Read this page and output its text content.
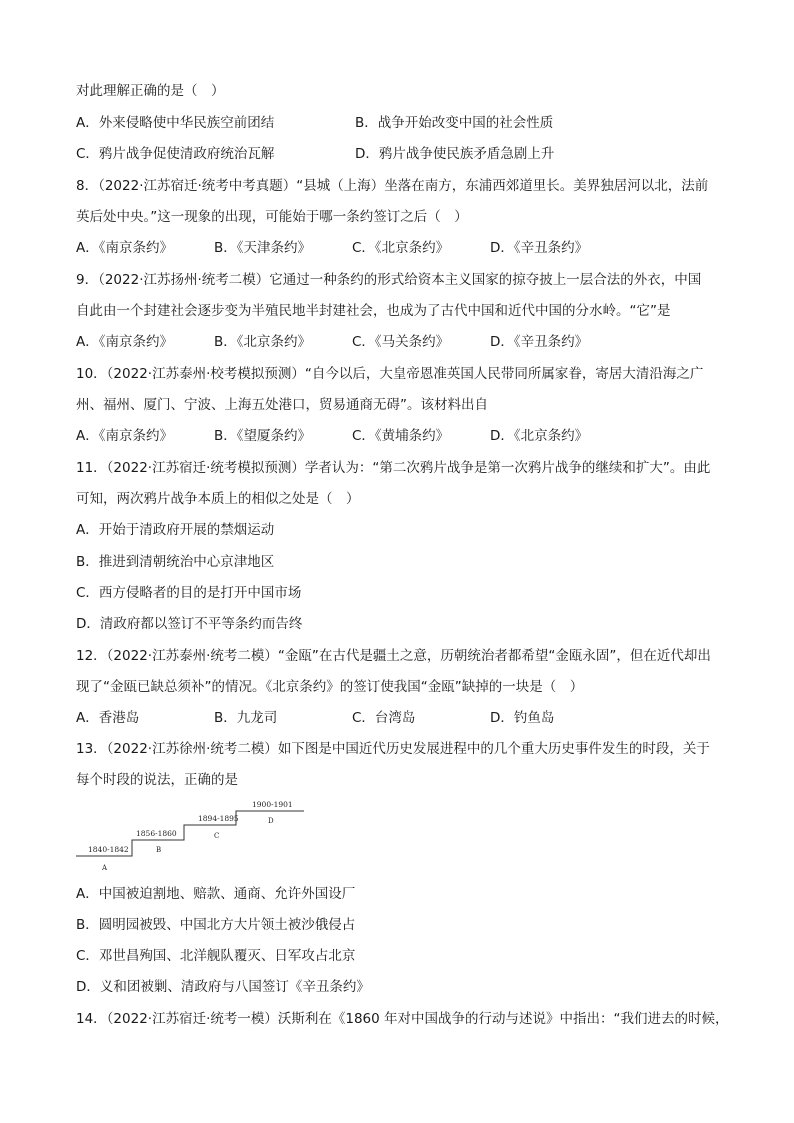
对此理解正确的是（　）
A．外来侵略使中华民族空前团结	B．战争开始改变中国的社会性质
C．鸦片战争促使清政府统治瓦解	D．鸦片战争使民族矛盾急剧上升
8．（2022·江苏宿迁·统考中考真题）“县城（上海）坐落在南方，东浦西郊道里长。美界独居河以北，法前
英后处中央。”这一现象的出现，可能始于哪一条约签订之后（　）
A．《南京条约》	B．《天津条约》	C．《北京条约》	D．《辛丑条约》
9．（2022·江苏扬州·统考二模）它通过一种条约的形式给资本主义国家的掠夺披上一层合法的外衣，中国
自此由一个封建社会逐步变为半殖民地半封建社会，也成为了古代中国和近代中国的分水岭。“它”是
A．《南京条约》	B．《北京条约》	C．《马关条约》	D．《辛丑条约》
10．（2022·江苏泰州·校考模拟预测）“自今以后，大皇帝恩准英国人民带同所属家眷，寄居大清沿海之广
州、福州、厦门、宁波、上海五处港口，贸易通商无碍”。该材料出自
A．《南京条约》	B．《望厦条约》	C．《黄埔条约》	D．《北京条约》
11．（2022·江苏宿迁·统考模拟预测）学者认为：“第二次鸦片战争是第一次鸦片战争的继续和扩大”。由此
可知，两次鸦片战争本质上的相似之处是（　）
A．开始于清政府开展的禁烟运动
B．推进到清朝统治中心京津地区
C．西方侵略者的目的是打开中国市场
D．清政府都以签订不平等条约而告终
12．（2022·江苏泰州·统考二模）“金瓯”在古代是疆土之意，历朝统治者都希望“金瓯永固”，但在近代却出
现了“金瓯已缺总须补”的情况。《北京条约》的签订使我国“金瓯”缺掉的一块是（　）
A．香港岛	B．九龙司	C．台湾岛	D．钓鱼岛
13．（2022·江苏徐州·统考二模）如下图是中国近代历史发展进程中的几个重大历史事件发生的时段，关于
每个时段的说法，正确的是
1840-1842
A
1856-1860
B
1894-1895
C
1900-1901
D
A．中国被迫割地、赔款、通商、允许外国设厂
B．圆明园被毁、中国北方大片领土被沙俄侵占
C．邓世昌殉国、北洋舰队覆灭、日军攻占北京
D．义和团被剿、清政府与八国签订《辛丑条约》
14．（2022·江苏宿迁·统考一模）沃斯利在《1860 年对中国战争的行动与述说》中指出：“我们进去的时候，
